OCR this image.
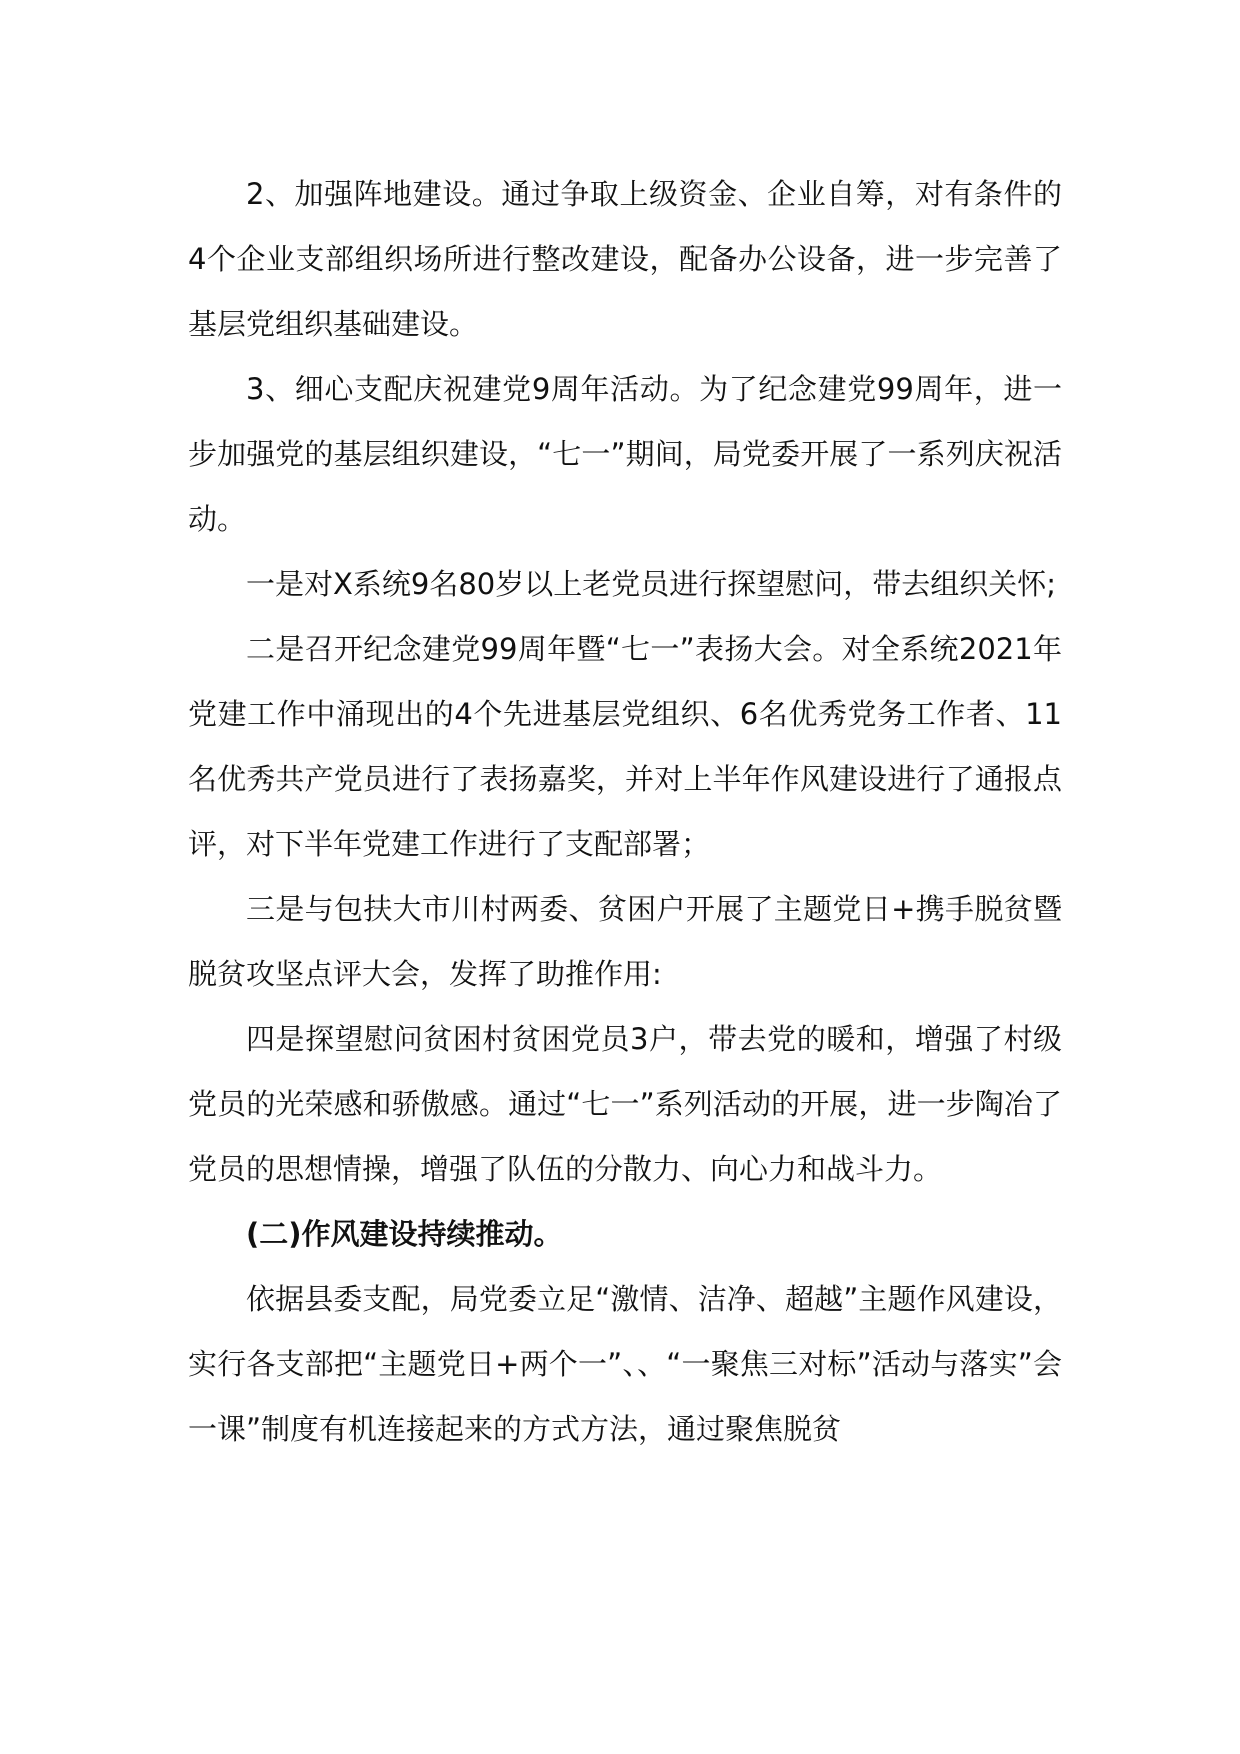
2、加强阵地建设。通过争取上级资金、企业自筹，对有条件的4个企业支部组织场所进行整改建设，配备办公设备，进一步完善了基层党组织基础建设。

3、细心支配庆祝建党9周年活动。为了纪念建党99周年，进一步加强党的基层组织建设，“七一”期间，局党委开展了一系列庆祝活动。

一是对X系统9名80岁以上老党员进行探望慰问，带去组织关怀;

二是召开纪念建党99周年暨“七一”表扬大会。对全系统2021年党建工作中涌现出的4个先进基层党组织、6名优秀党务工作者、11名优秀共产党员进行了表扬嘉奖，并对上半年作风建设进行了通报点评，对下半年党建工作进行了支配部署；

三是与包扶大市川村两委、贫困户开展了主题党日+携手脱贫暨脱贫攻坚点评大会，发挥了助推作用:

四是探望慰问贫困村贫困党员3户，带去党的暖和，增强了村级党员的光荣感和骄傲感。通过“七一”系列活动的开展，进一步陶冶了党员的思想情操，增强了队伍的分散力、向心力和战斗力。

(二)作风建设持续推动。

依据县委支配，局党委立足“激情、洁净、超越”主题作风建设，实行各支部把“主题党日+两个一”、、“一聚焦三对标”活动与落实”会一课”制度有机连接起来的方式方法，通过聚焦脱贫
